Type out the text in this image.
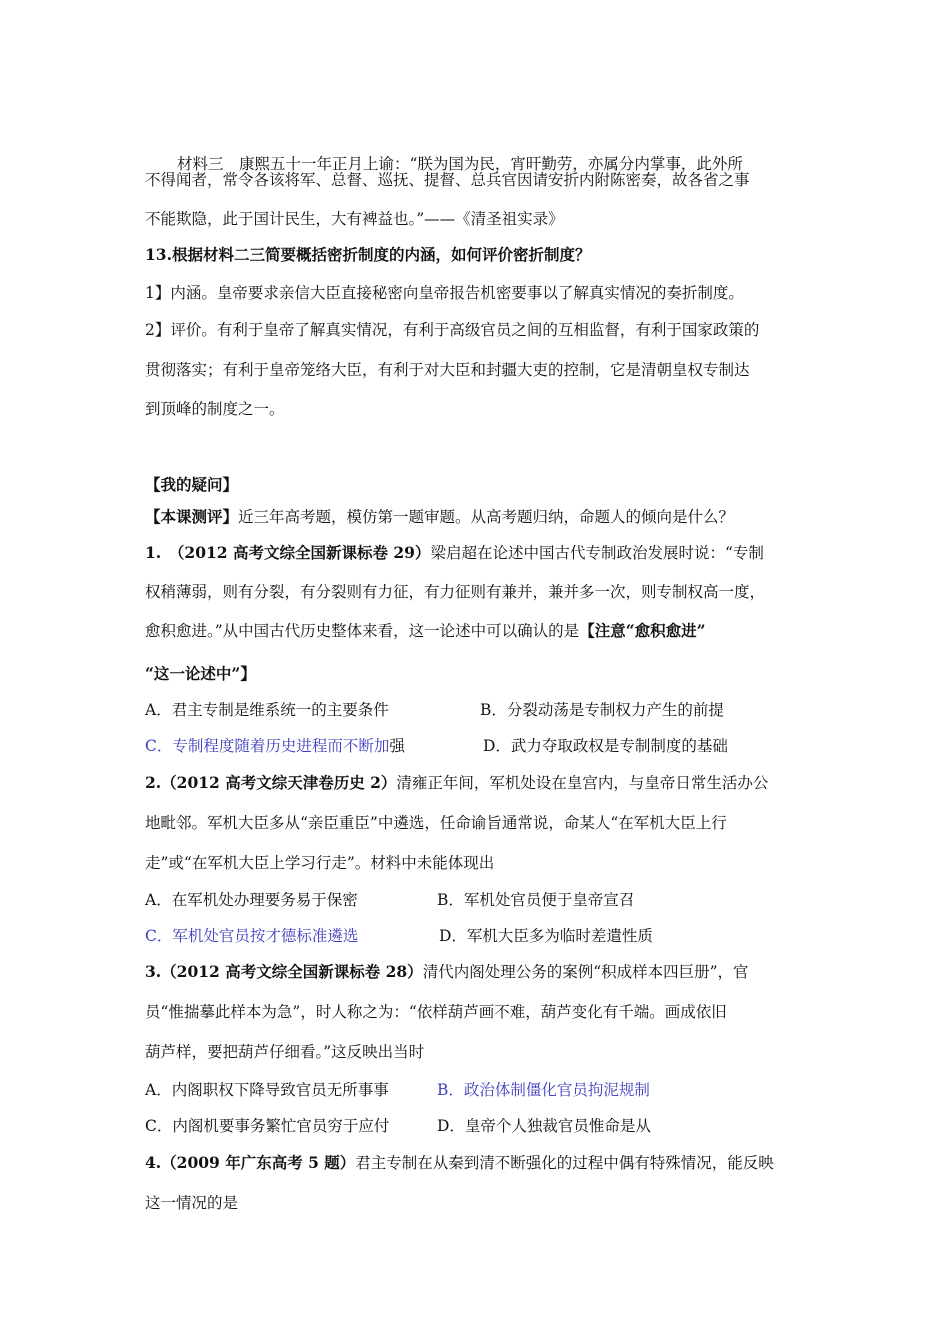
材料三　康熙五十一年正月上谕：“朕为国为民，宵旰勤劳，亦属分内掌事，此外所
不得闻者，常令各该将军、总督、巡抚、提督、总兵官因请安折内附陈密奏，故各省之事
不能欺隐，此于国计民生，大有裨益也。”——《清圣祖实录》
13.根据材料二三简要概括密折制度的内涵，如何评价密折制度？
1】内涵。皇帝要求亲信大臣直接秘密向皇帝报告机密要事以了解真实情况的奏折制度。
2】评价。有利于皇帝了解真实情况，有利于高级官员之间的互相监督，有利于国家政策的
贯彻落实；有利于皇帝笼络大臣，有利于对大臣和封疆大吏的控制，它是清朝皇权专制达
到顶峰的制度之一。
【我的疑问】
【本课测评】近三年高考题，模仿第一题审题。从高考题归纳，命题人的倾向是什么？
1.　（2012 高考文综全国新课标卷 29）梁启超在论述中国古代专制政治发展时说：“专制
权稍薄弱，则有分裂，有分裂则有力征，有力征则有兼并，兼并多一次，则专制权高一度，
愈积愈进。”从中国古代历史整体来看，这一论述中可以确认的是【注意“愈积愈进”
“这一论述中”】
A．君主专制是维系统一的主要条件	B．分裂动荡是专制权力产生的前提
C．专制程度随着历史进程而不断加强	D．武力夺取政权是专制制度的基础
2.（2012 高考文综天津卷历史 2）清雍正年间，军机处设在皇宫内，与皇帝日常生活办公
地毗邻。军机大臣多从“亲臣重臣”中遴选，任命谕旨通常说，命某人“在军机大臣上行
走”或“在军机大臣上学习行走”。材料中未能体现出
A．在军机处办理要务易于保密	B．军机处官员便于皇帝宣召
C．军机处官员按才德标准遴选	D．军机大臣多为临时差遣性质
3.（2012 高考文综全国新课标卷 28）清代内阁处理公务的案例“积成样本四巨册”，官
员“惟揣摹此样本为急”，时人称之为：“依样葫芦画不难，葫芦变化有千端。画成依旧
葫芦样，要把葫芦仔细看。”这反映出当时
A．内阁职权下降导致官员无所事事	B．政治体制僵化官员拘泥规制
C．内阁机要事务繁忙官员穷于应付	D．皇帝个人独裁官员惟命是从
4.（2009 年广东高考 5 题）君主专制在从秦到清不断强化的过程中偶有特殊情况，能反映
这一情况的是
